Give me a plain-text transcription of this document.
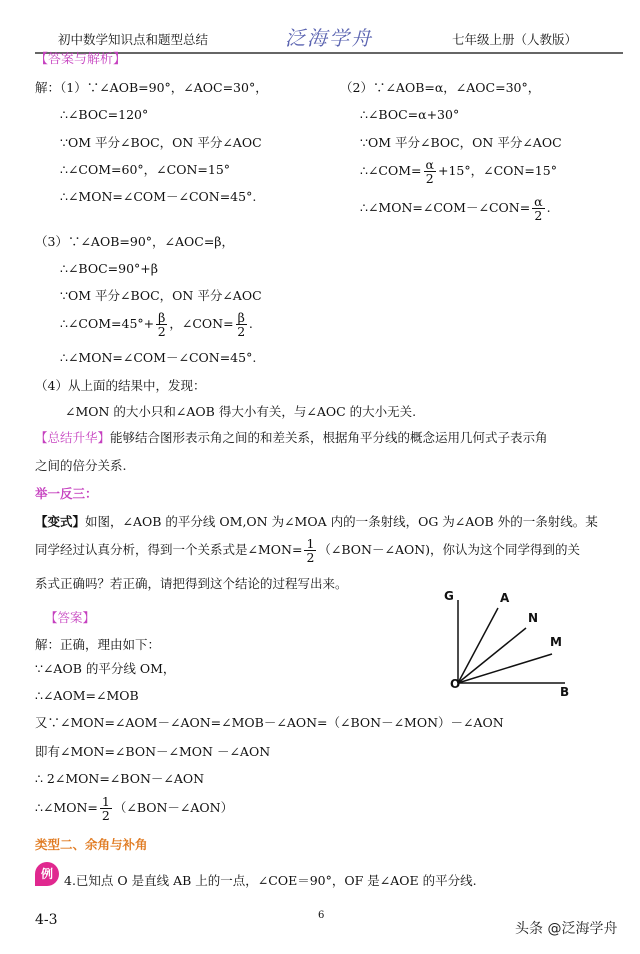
初中数学知识点和题型总结	泛海学舟	七年级上册（人教版）
【答案与解析】
解：（1）∵∠AOB=90°，∠AOC=30°，
∴∠BOC=120°
∵OM 平分∠BOC，ON 平分∠AOC
∴∠COM=60°，∠CON=15°
∴∠MON=∠COM－∠CON=45°.
（2）∵∠AOB=α，∠AOC=30°，
∴∠BOC=α+30°
∵OM 平分∠BOC，ON 平分∠AOC
∴∠COM= $\frac{\alpha}{2} +15^\circ$，∠CON=15°
∴∠MON=∠COM－∠CON= $\frac{\alpha}{2}$ .
（3）∵∠AOB=90°，∠AOC=β，
∴∠BOC=90°+β
∵OM 平分∠BOC，ON 平分∠AOC
∴∠COM=45°+ $\frac{\beta}{2}$ ，∠CON= $\frac{\beta}{2}$ .
∴∠MON=∠COM－∠CON=45°.
（4）从上面的结果中，发现：
∠MON 的大小只和∠AOB 得大小有关，与∠AOC 的大小无关.
【总结升华】能够结合图形表示角之间的和差关系，根据角平分线的概念运用几何式子表示角
之间的倍分关系.
举一反三：
【变式】如图，∠AOB 的平分线 OM,ON 为∠MOA 内的一条射线，OG 为∠AOB 外的一条射线。某
同学经过认真分析，得到一个关系式是∠MON= $\frac{1}{2}$ （∠BON－∠AON)，你认为这个同学得到的关
系式正确吗？若正确，请把得到这个结论的过程写出来。
【答案】
解：正确，理由如下：
∵∠AOB 的平分线 OM，
∴∠AOM=∠MOB
又∵∠MON=∠AOM－∠AON=∠MOB－∠AON=（∠BON－∠MON）－∠AON
即有∠MON=∠BON－∠MON －∠AON
∴ 2∠MON=∠BON－∠AON
∴∠MON= $\frac{1}{2}$ （∠BON－∠AON）
G	A
N
M
O
B
类型二、余角与补角
例 4.已知点 O 是直线 AB 上的一点，∠COE＝90°，OF 是∠AOE 的平分线.
4-3	6
头条 @泛海学舟
